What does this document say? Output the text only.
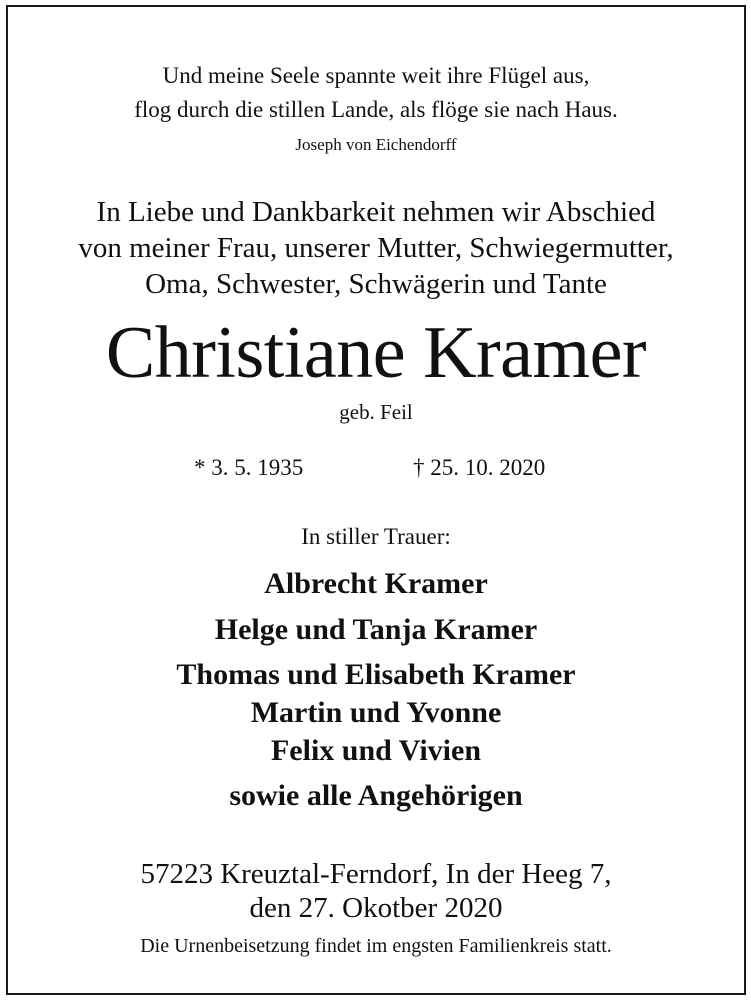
Und meine Seele spannte weit ihre Flügel aus,
flog durch die stillen Lande, als flöge sie nach Haus.
Joseph von Eichendorff
In Liebe und Dankbarkeit nehmen wir Abschied
von meiner Frau, unserer Mutter, Schwiegermutter,
Oma, Schwester, Schwägerin und Tante
Christiane Kramer
geb. Feil
* 3. 5. 1935	† 25. 10. 2020
In stiller Trauer:
Albrecht Kramer
Helge und Tanja Kramer
Thomas und Elisabeth Kramer
Martin und Yvonne
Felix und Vivien
sowie alle Angehörigen
57223 Kreuztal-Ferndorf, In der Heeg 7,
den 27. Okotber 2020
Die Urnenbeisetzung findet im engsten Familienkreis statt.
